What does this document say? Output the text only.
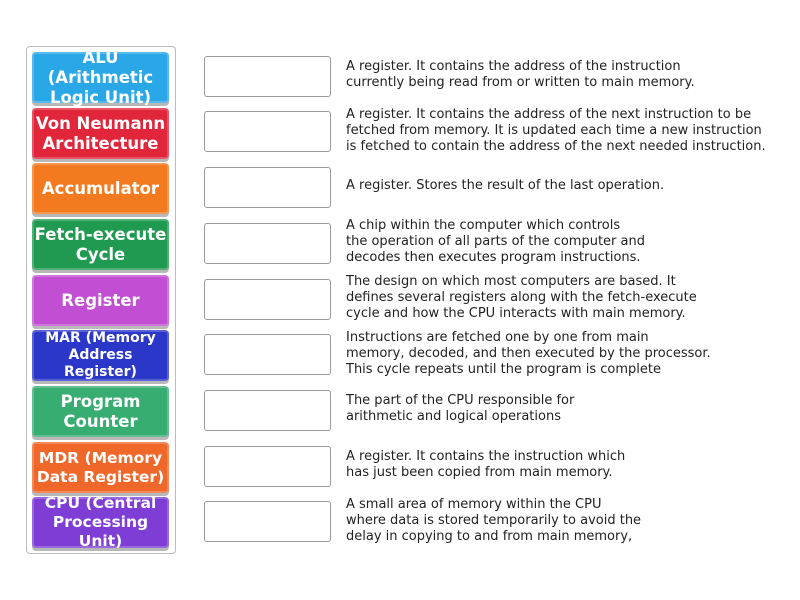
ALU (Arithmetic
Logic Unit)
Von Neumann
Architecture
Accumulator
Fetch-execute
Cycle
Register
MAR (Memory
Address Register)
Program
Counter
MDR (Memory
Data Register)
CPU (Central
Processing Unit)
A register. It contains the address of the instruction
currently being read from or written to main memory.
A register. It contains the address of the next instruction to be
fetched from memory. It is updated each time a new instruction
is fetched to contain the address of the next needed instruction.
A register. Stores the result of the last operation.
A chip within the computer which controls
the operation of all parts of the computer and
decodes then executes program instructions.
The design on which most computers are based. It
defines several registers along with the fetch-execute
cycle and how the CPU interacts with main memory.
Instructions are fetched one by one from main
memory, decoded, and then executed by the processor.
This cycle repeats until the program is complete
The part of the CPU responsible for
arithmetic and logical operations
A register. It contains the instruction which
has just been copied from main memory.
A small area of memory within the CPU
where data is stored temporarily to avoid the
delay in copying to and from main memory,
